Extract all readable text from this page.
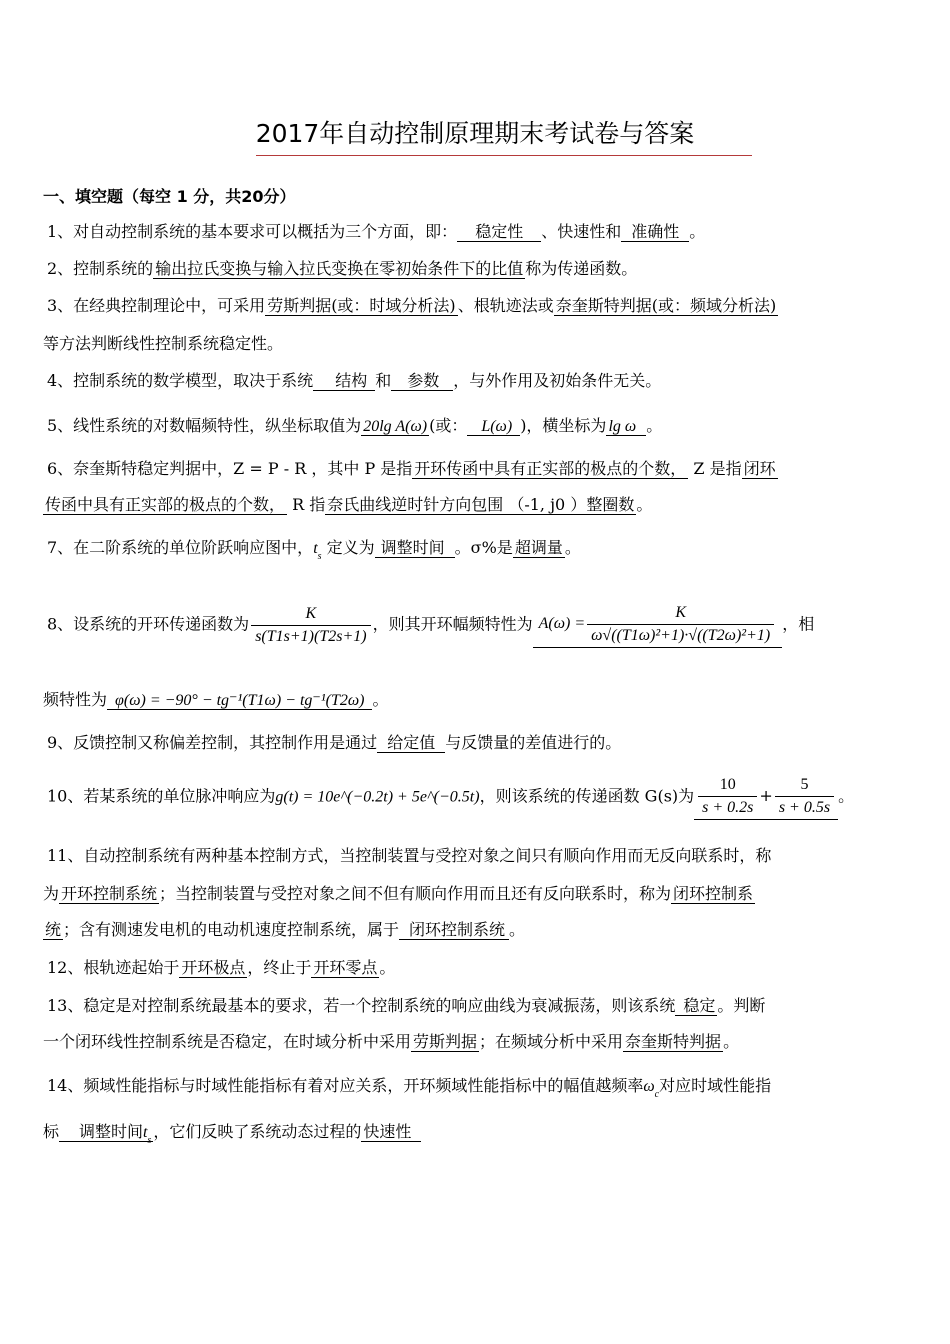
2017年自动控制原理期末考试卷与答案
一、填空题（每空 1 分，共20分）
1、对自动控制系统的基本要求可以概括为三个方面，即： 稳定性 、快速性和 准确性 。
2、控制系统的 输出拉氏变换与输入拉氏变换在零初始条件下的比值 称为传递函数。
3、在经典控制理论中，可采用 劳斯判据(或：时域分析法) 、根轨迹法或 奈奎斯特判据(或：频域分析法)
等方法判断线性控制系统稳定性。
4、控制系统的数学模型，取决于系统 结构 和 参数 ，与外作用及初始条件无关。
5、线性系统的对数幅频特性，纵坐标取值为 20lg A(ω) (或： L(ω) )，横坐标为 lg ω 。
6、奈奎斯特稳定判据中，Z = P - R ，其中 P 是指 开环传函中具有正实部的极点的个数， Z 是指 闭环
传函中具有正实部的极点的个数， R 指 奈氏曲线逆时针方向包围 （-1, j0 ）整圈数 。
7、在二阶系统的单位阶跃响应图中，$t_s$ 定义为 调整时间 。σ%是 超调量 。
8、设系统的开环传递函数为 $\frac{K}{s(T1s+1)(T2s+1)}$ ，则其开环幅频特性为 $A(\omega) = \frac{K}{\text{ω√((T1ω)²+1)·√((T2ω)²+1)}}$ ，相
频特性为 φ(ω) = −90° − tg⁻¹(T1ω) − tg⁻¹(T2ω) 。
9、反馈控制又称偏差控制，其控制作用是通过 给定值 与反馈量的差值进行的。
10、若某系统的单位脉冲响应为g(t) = 10e^(−0.2t) + 5e^(−0.5t)，则该系统的传递函数 G(s)为 $\frac{10}{s + 0.2s} + \frac{5}{s + 0.5s}$ 。
11、自动控制系统有两种基本控制方式，当控制装置与受控对象之间只有顺向作用而无反向联系时，称
为 开环控制系统 ；当控制装置与受控对象之间不但有顺向作用而且还有反向联系时，称为 闭环控制系
统 ；含有测速发电机的电动机速度控制系统，属于 闭环控制系统 。
12、根轨迹起始于 开环极点 ，终止于 开环零点 。
13、稳定是对控制系统最基本的要求，若一个控制系统的响应曲线为衰减振荡，则该系统 稳定 。判断
一个闭环线性控制系统是否稳定，在时域分析中采用 劳斯判据 ；在频域分析中采用 奈奎斯特判据 。
14、频域性能指标与时域性能指标有着对应关系，开环频域性能指标中的幅值越频率$\omega_c$对应时域性能指
标 调整时间$t_s$ ，它们反映了系统动态过程的 快速性
